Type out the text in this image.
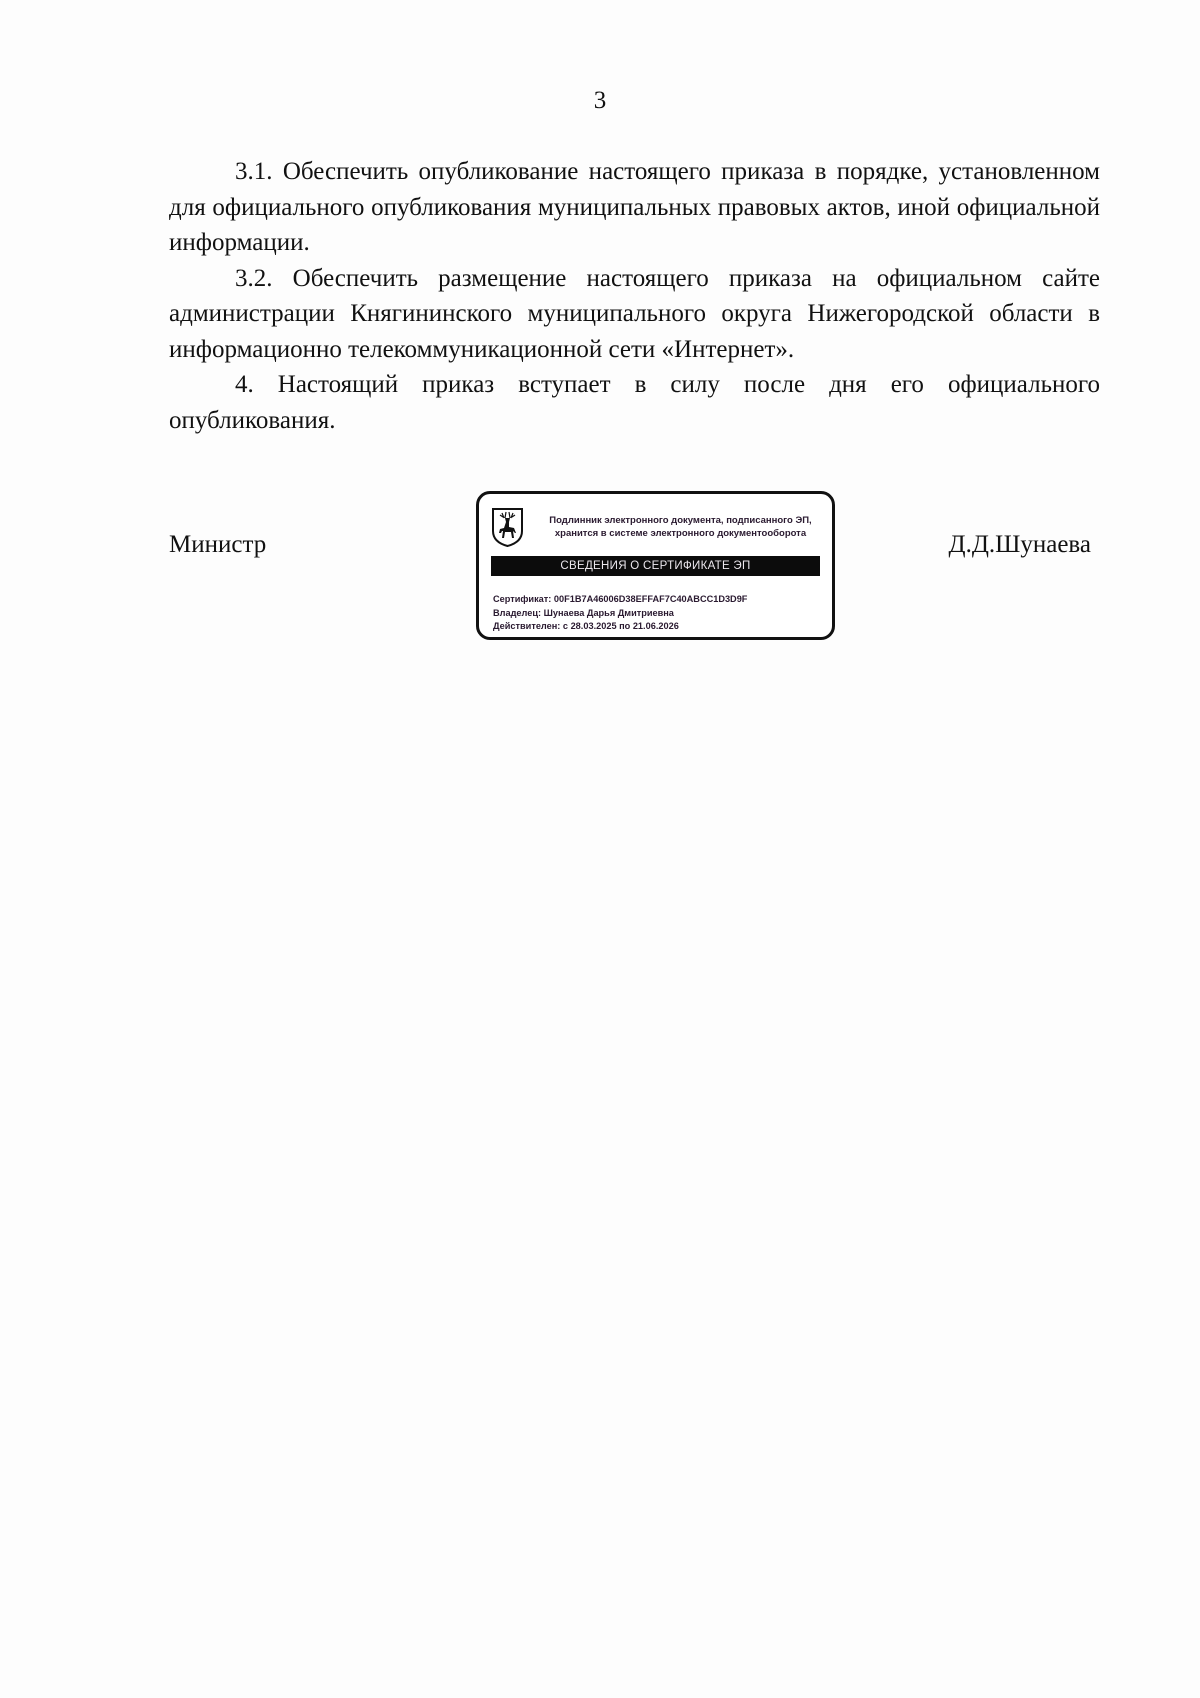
3

3.1. Обеспечить опубликование настоящего приказа в порядке, установленном для официального опубликования муниципальных правовых актов, иной официальной информации.

3.2. Обеспечить размещение настоящего приказа на официальном сайте администрации Княгининского муниципального округа Нижегородской области в информационно телекоммуникационной сети «Интернет».

4. Настоящий приказ вступает в силу после дня его официального опубликования.

Министр
Подлинник электронного документа, подписанного ЭП,
хранится в системе электронного документооборота
СВЕДЕНИЯ О СЕРТИФИКАТЕ ЭП
Сертификат: 00F1B7A46006D38EFFAF7C40ABCC1D3D9F
Владелец: Шунаева Дарья Дмитриевна
Действителен: с 28.03.2025 по 21.06.2026
Д.Д.Шунаева
